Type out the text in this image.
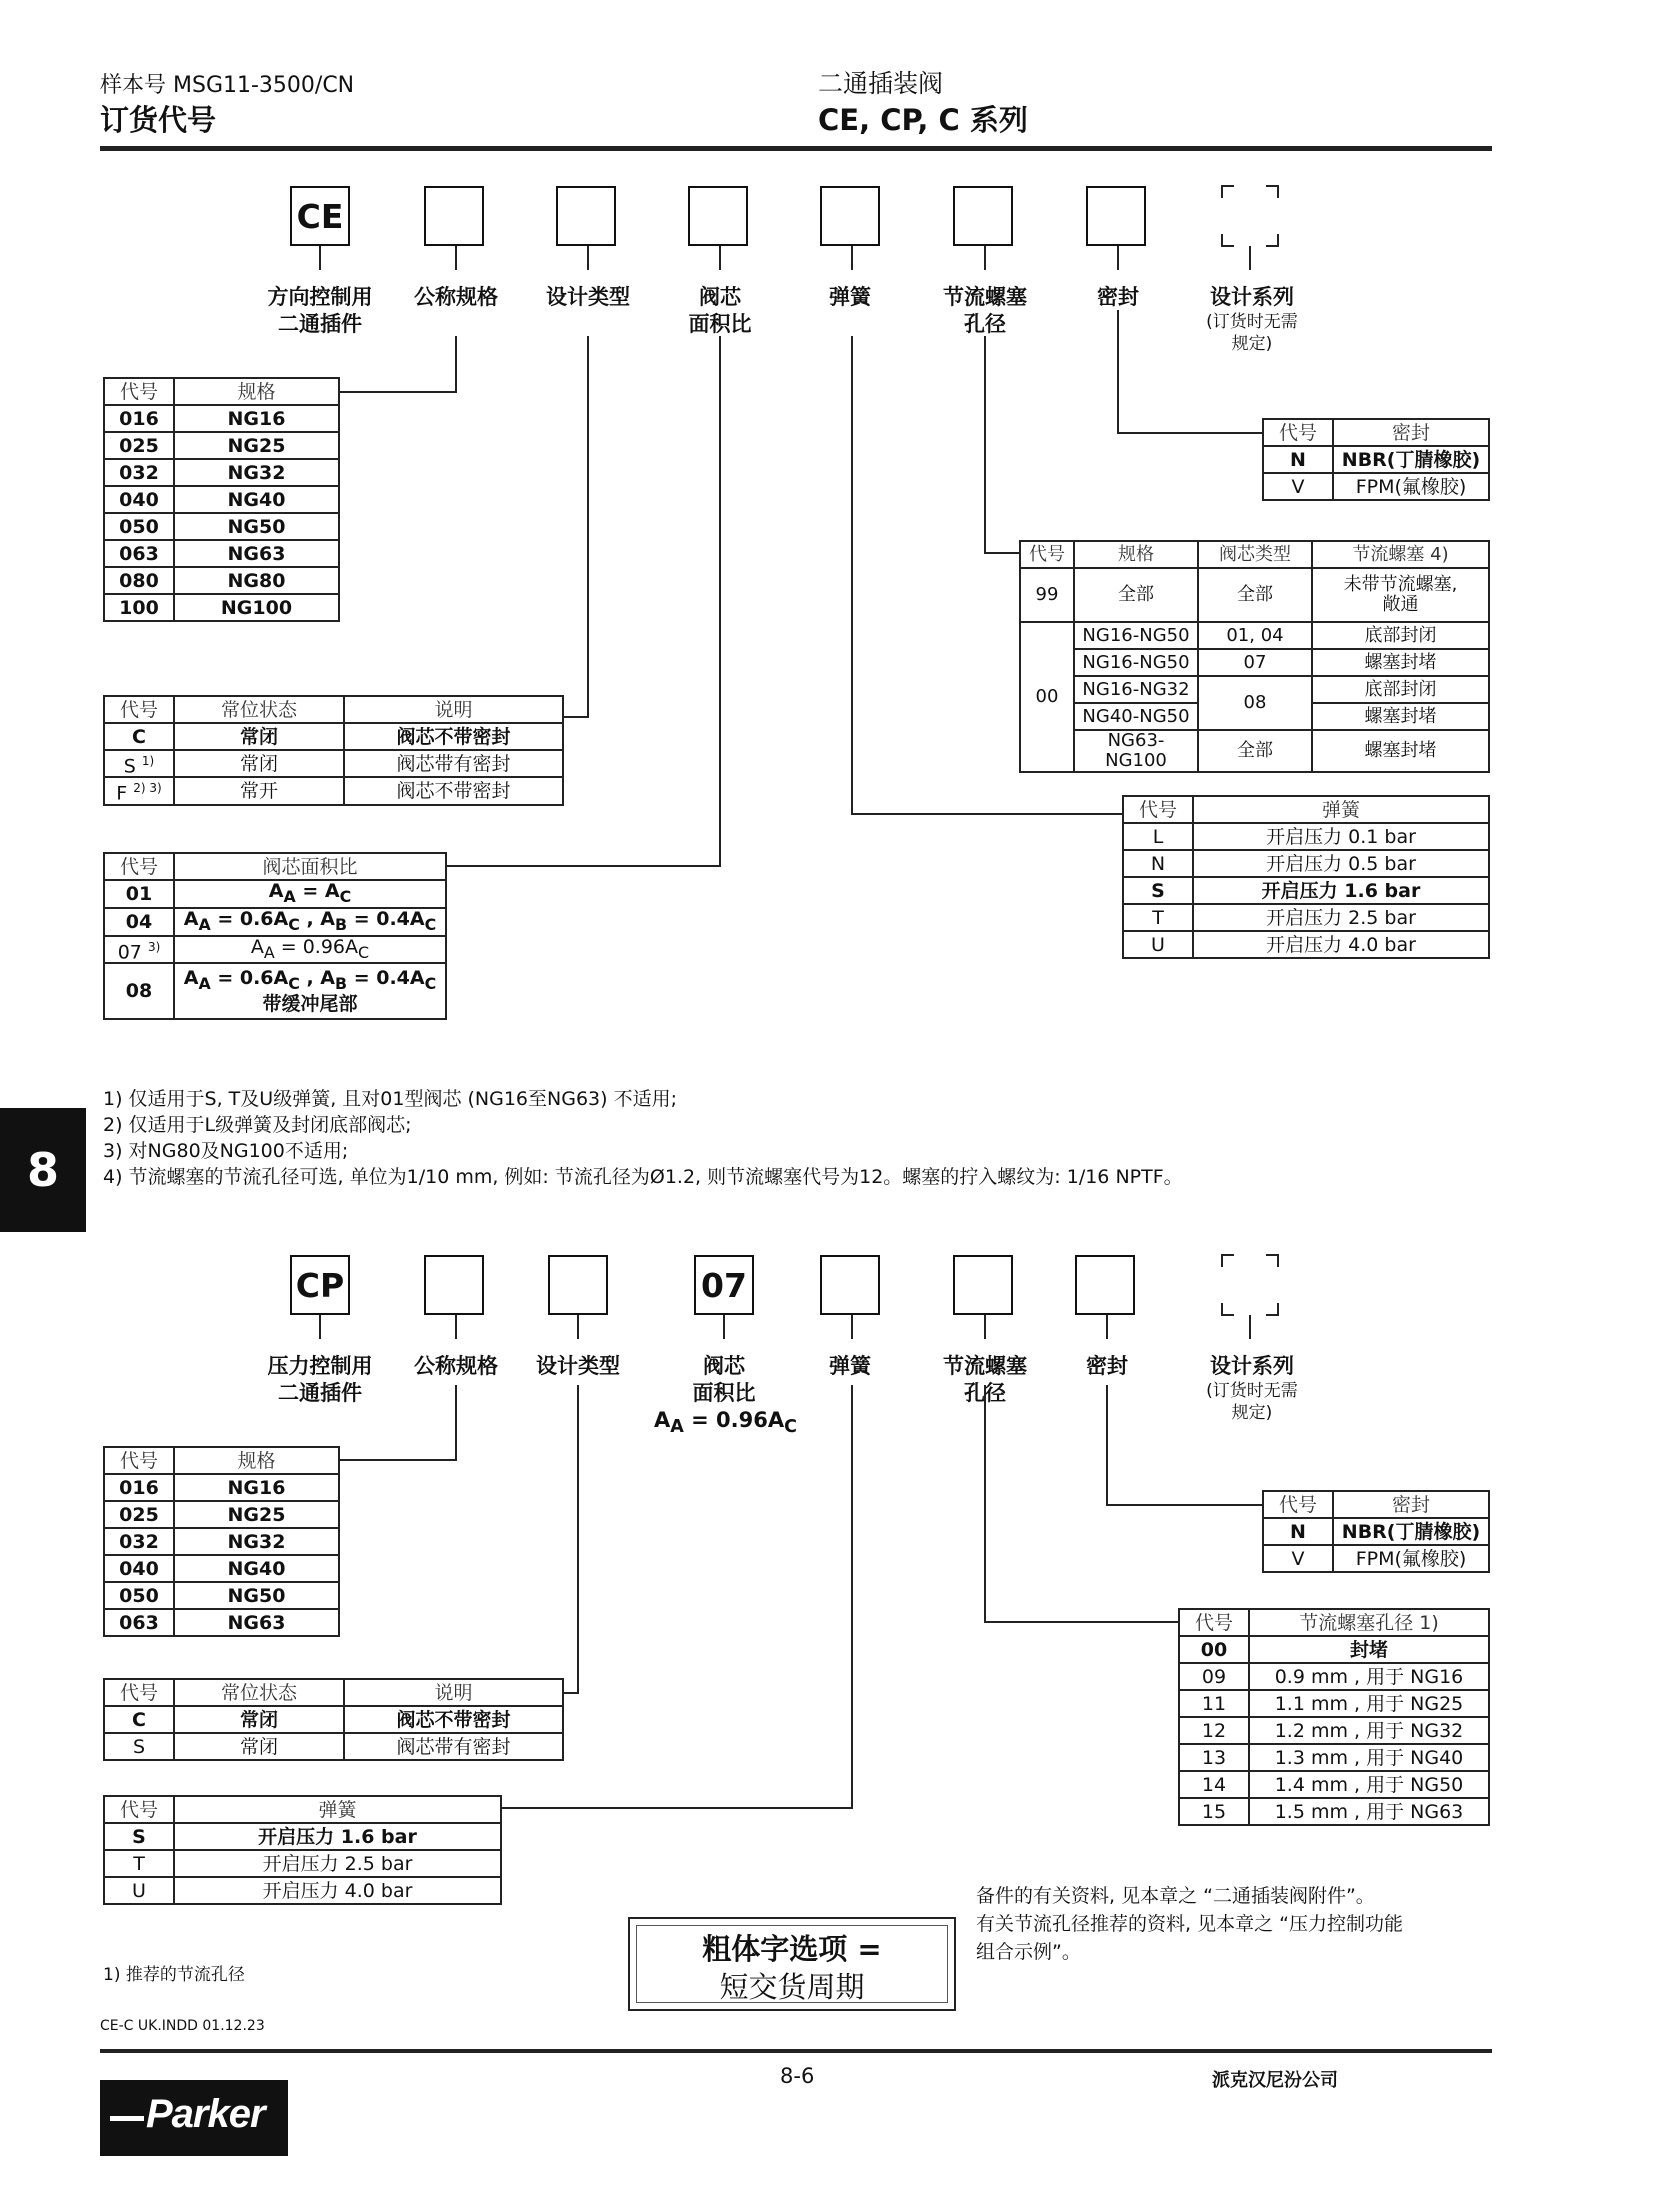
样本号 MSG11-3500/CN
订货代号
二通插装阀
CE, CP, C 系列
CE
方向控制用
二通插件
公称规格	设计类型	阀芯
面积比
弹簧	节流螺塞
孔径
密封	设计系列
(订货时无需
规定)
代号	规格
016	NG16
025	NG25
032	NG32
040	NG40
050	NG50
063	NG63
080	NG80
100	NG100
代号	常位状态	说明
C	常闭	阀芯不带密封
S $^{1)}$	常闭	阀芯带有密封
F $^{2) 3)}$	常开	阀芯不带密封
代号	阀芯面积比
01	$A_A = A_C$
04	$A_A = 0.6A_C$ , $A_B = 0.4A_C$
07 $^{3)}$	$A_A = 0.96A_C$
08	$A_A = 0.6A_C$ , $A_B = 0.4A_C$
带缓冲尾部
代号	密封
N	NBR(丁腈橡胶)
V	FPM(氟橡胶)
代号	规格	阀芯类型	节流螺塞 4)
99	全部	全部	未带节流螺塞,
敞通
00	NG16-NG50	01, 04	底部封闭
	NG16-NG50	07	螺塞封堵
	NG16-NG32	08	底部封闭
	NG40-NG50		螺塞封堵
	NG63-NG100	全部	螺塞封堵
代号	弹簧
L	开启压力 0.1 bar
N	开启压力 0.5 bar
S	开启压力 1.6 bar
T	开启压力 2.5 bar
U	开启压力 4.0 bar
1) 仅适用于S, T及U级弹簧, 且对01型阀芯 (NG16至NG63) 不适用;
2) 仅适用于L级弹簧及封闭底部阀芯;
3) 对NG80及NG100不适用;
4) 节流螺塞的节流孔径可选, 单位为1/10 mm, 例如: 节流孔径为Ø1.2, 则节流螺塞代号为12。螺塞的拧入螺纹为: 1/16 NPTF。
8
CP	07
压力控制用
二通插件
公称规格	设计类型	阀芯
面积比
$A_A = 0.96A_C$
弹簧	节流螺塞
孔径
密封	设计系列
(订货时无需
规定)
代号	规格
016	NG16
025	NG25
032	NG32
040	NG40
050	NG50
063	NG63
代号	常位状态	说明
C	常闭	阀芯不带密封
S	常闭	阀芯带有密封
代号	弹簧
S	开启压力 1.6 bar
T	开启压力 2.5 bar
U	开启压力 4.0 bar
代号	密封
N	NBR(丁腈橡胶)
V	FPM(氟橡胶)
代号	节流螺塞孔径 1)
00	封堵
09	0.9 mm , 用于 NG16
11	1.1 mm , 用于 NG25
12	1.2 mm , 用于 NG32
13	1.3 mm , 用于 NG40
14	1.4 mm , 用于 NG50
15	1.5 mm , 用于 NG63
粗体字选项 =
短交货周期
备件的有关资料, 见本章之 “二通插装阀附件”。
有关节流孔径推荐的资料, 见本章之 “压力控制功能
组合示例”。
1) 推荐的节流孔径
CE-C UK.INDD 01.12.23
Parker
8-6	派克汉尼汾公司
